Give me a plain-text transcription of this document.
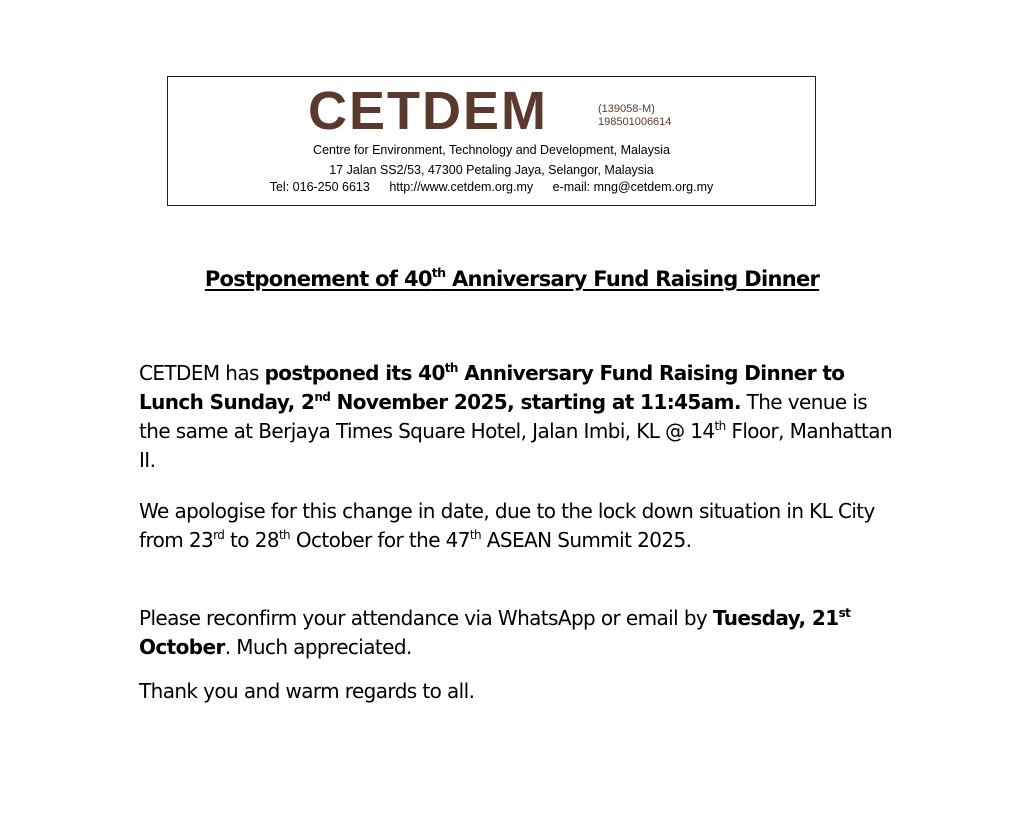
CETDEM	(139058-M)
198501006614
Centre for Environment, Technology and Development, Malaysia
17 Jalan SS2/53, 47300 Petaling Jaya, Selangor, Malaysia
Tel: 016-250 6613 http://www.cetdem.org.my e-mail: mng@cetdem.org.my
Postponement of 40th Anniversary Fund Raising Dinner

CETDEM has postponed its 40th Anniversary Fund Raising Dinner to Lunch Sunday, 2nd November 2025, starting at 11:45am. The venue is the same at Berjaya Times Square Hotel, Jalan Imbi, KL @ 14th Floor, Manhattan II.

We apologise for this change in date, due to the lock down situation in KL City from 23rd to 28th October for the 47th ASEAN Summit 2025.

Please reconfirm your attendance via WhatsApp or email by Tuesday, 21st October. Much appreciated.

Thank you and warm regards to all.
